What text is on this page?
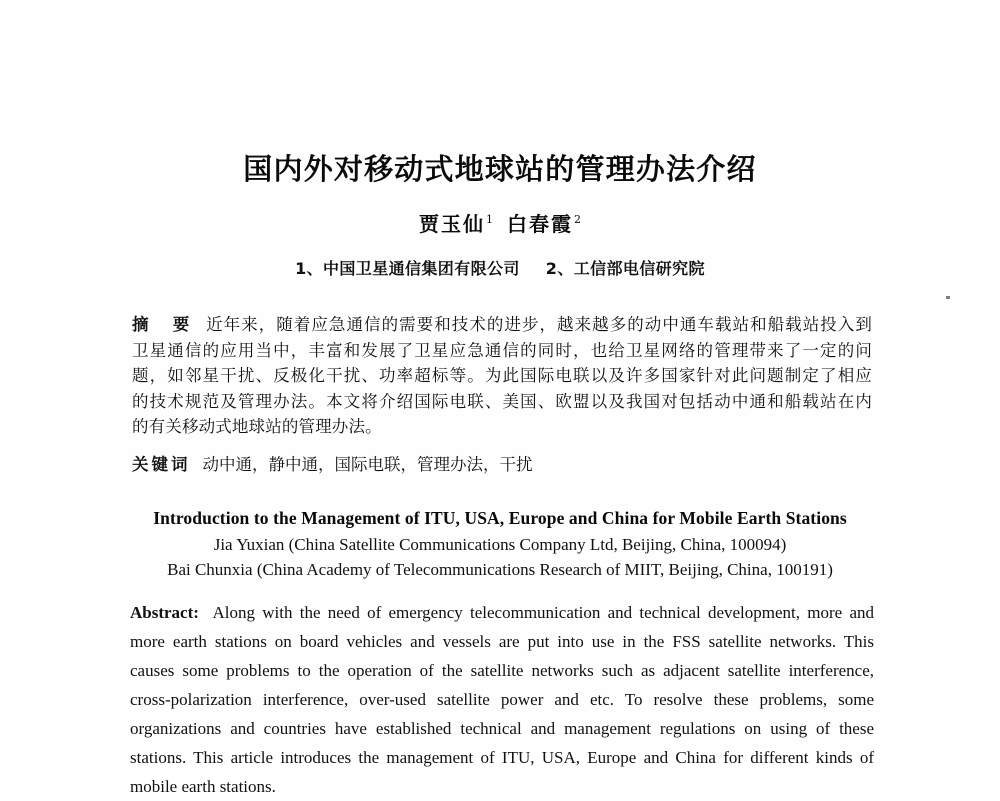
国内外对移动式地球站的管理办法介绍
贾玉仙$^1$ 白春霞$^2$
1、中国卫星通信集团有限公司 2、工信部电信研究院
摘　要 近年来，随着应急通信的需要和技术的进步，越来越多的动中通车载站和船载站投入到
卫星通信的应用当中，丰富和发展了卫星应急通信的同时，也给卫星网络的管理带来了一定的问
题，如邻星干扰、反极化干扰、功率超标等。为此国际电联以及许多国家针对此问题制定了相应
的技术规范及管理办法。本文将介绍国际电联、美国、欧盟以及我国对包括动中通和船载站在内
的有关移动式地球站的管理办法。
关键词 动中通，静中通，国际电联，管理办法，干扰
Introduction to the Management of ITU, USA, Europe and China for Mobile Earth Stations
Jia Yuxian (China Satellite Communications Company Ltd, Beijing, China, 100094)
Bai Chunxia (China Academy of Telecommunications Research of MIIT, Beijing, China, 100191)
Abstract: Along with the need of emergency telecommunication and technical development, more and
more earth stations on board vehicles and vessels are put into use in the FSS satellite networks. This
causes some problems to the operation of the satellite networks such as adjacent satellite interference,
cross-polarization interference, over-used satellite power and etc. To resolve these problems, some
organizations and countries have established technical and management regulations on using of these
stations. This article introduces the management of ITU, USA, Europe and China for different kinds of
mobile earth stations.
